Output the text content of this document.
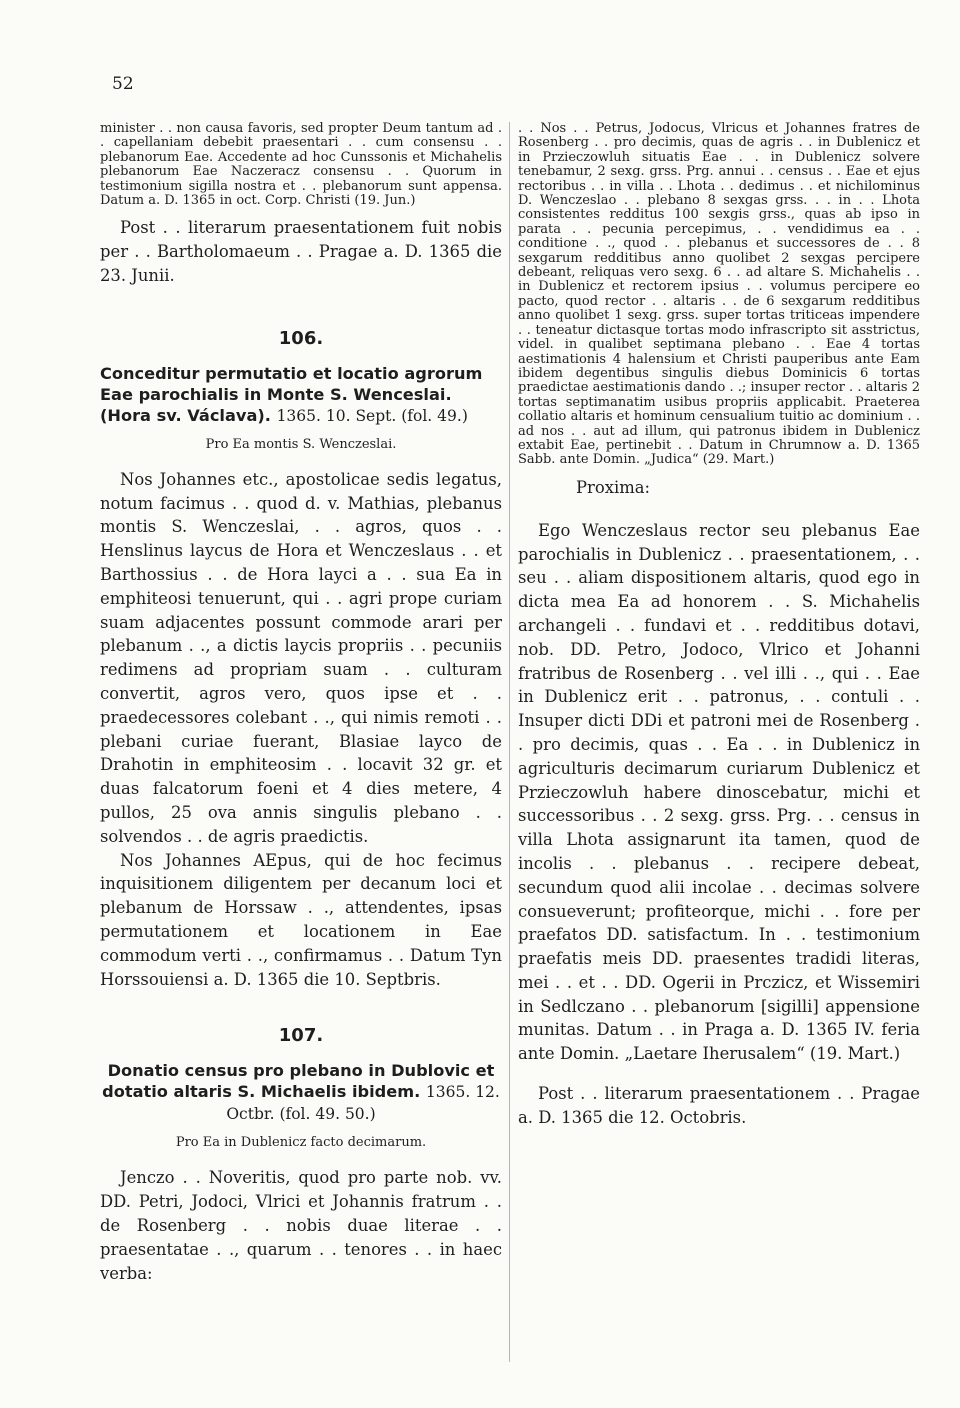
52

minister . . non causa favoris, sed propter Deum tantum ad . . capellaniam debebit praesentari . . cum consensu . . plebanorum Eae. Accedente ad hoc Cunssonis et Michahelis plebanorum Eae Naczeracz consensu . . Quorum in testimonium sigilla nostra et . . plebanorum sunt appensa. Datum a. D. 1365 in oct. Corp. Christi (19. Jun.)

Post . . literarum praesentationem fuit nobis per . . Bartholomaeum . . Pragae a. D. 1365 die 23. Junii.

106.

Conceditur permutatio et locatio agrorum Eae parochialis in Monte S. Wenceslai. (Hora sv. Václava). 1365. 10. Sept. (fol. 49.)

Pro Ea montis S. Wenczeslai.

Nos Johannes etc., apostolicae sedis legatus, notum facimus . . quod d. v. Mathias, plebanus montis S. Wenczeslai, . . agros, quos . . Henslinus laycus de Hora et Wenczeslaus . . et Barthossius . . de Hora layci a . . sua Ea in emphiteosi tenuerunt, qui . . agri prope curiam suam adjacentes possunt commode arari per plebanum . ., a dictis laycis propriis . . pecuniis redimens ad propriam suam . . culturam convertit, agros vero, quos ipse et . . praedecessores colebant . ., qui nimis remoti . . plebani curiae fuerant, Blasiae layco de Drahotin in emphiteosim . . locavit 32 gr. et duas falcatorum foeni et 4 dies metere, 4 pullos, 25 ova annis singulis plebano . . solvendos . . de agris praedictis.

Nos Johannes AEpus, qui de hoc fecimus inquisitionem diligentem per decanum loci et plebanum de Horssaw . ., attendentes, ipsas permutationem et locationem in Eae commodum verti . ., confirmamus . . Datum Tyn Horssouiensi a. D. 1365 die 10. Septbris.

107.

Donatio census pro plebano in Dublovic et dotatio altaris S. Michaelis ibidem. 1365. 12. Octbr. (fol. 49. 50.)

Pro Ea in Dublenicz facto decimarum.

Jenczo . . Noveritis, quod pro parte nob. vv. DD. Petri, Jodoci, Vlrici et Johannis fratrum . . de Rosenberg . . nobis duae literae . . praesentatae . ., quarum . . tenores . . in haec verba:

. . Nos . . Petrus, Jodocus, Vlricus et Johannes fratres de Rosenberg . . pro decimis, quas de agris . . in Dublenicz et in Przieczowluh situatis Eae . . in Dublenicz solvere tenebamur, 2 sexg. grss. Prg. annui . . census . . Eae et ejus rectoribus . . in villa . . Lhota . . dedimus . . et nichilominus D. Wenczeslao . . plebano 8 sexgas grss. . . in . . Lhota consistentes redditus 100 sexgis grss., quas ab ipso in parata . . pecunia percepimus, . . vendidimus ea . . conditione . ., quod . . plebanus et successores de . . 8 sexgarum redditibus anno quolibet 2 sexgas percipere debeant, reliquas vero sexg. 6 . . ad altare S. Michahelis . . in Dublenicz et rectorem ipsius . . volumus percipere eo pacto, quod rector . . altaris . . de 6 sexgarum redditibus anno quolibet 1 sexg. grss. super tortas triticeas impendere . . teneatur dictasque tortas modo infrascripto sit asstrictus, videl. in qualibet septimana plebano . . Eae 4 tortas aestimationis 4 halensium et Christi pauperibus ante Eam ibidem degentibus singulis diebus Dominicis 6 tortas praedictae aestimationis dando . .; insuper rector . . altaris 2 tortas septimanatim usibus propriis applicabit. Praeterea collatio altaris et hominum censualium tuitio ac dominium . . ad nos . . aut ad illum, qui patronus ibidem in Dublenicz extabit Eae, pertinebit . . Datum in Chrumnow a. D. 1365 Sabb. ante Domin. „Judica“ (29. Mart.)

Proxima:

Ego Wenczeslaus rector seu plebanus Eae parochialis in Dublenicz . . praesentationem, . . seu . . aliam dispositionem altaris, quod ego in dicta mea Ea ad honorem . . S. Michahelis archangeli . . fundavi et . . redditibus dotavi, nob. DD. Petro, Jodoco, Vlrico et Johanni fratribus de Rosenberg . . vel illi . ., qui . . Eae in Dublenicz erit . . patronus, . . contuli . . Insuper dicti DDi et patroni mei de Rosenberg . . pro decimis, quas . . Ea . . in Dublenicz in agriculturis decimarum curiarum Dublenicz et Przieczowluh habere dinoscebatur, michi et successoribus . . 2 sexg. grss. Prg. . . census in villa Lhota assignarunt ita tamen, quod de incolis . . plebanus . . recipere debeat, secundum quod alii incolae . . decimas solvere consueverunt; profiteorque, michi . . fore per praefatos DD. satisfactum. In . . testimonium praefatis meis DD. praesentes tradidi literas, mei . . et . . DD. Ogerii in Prczicz, et Wissemiri in Sedlczano . . plebanorum [sigilli] appensione munitas. Datum . . in Praga a. D. 1365 IV. feria ante Domin. „Laetare Iherusalem“ (19. Mart.)

Post . . literarum praesentationem . . Pragae a. D. 1365 die 12. Octobris.
